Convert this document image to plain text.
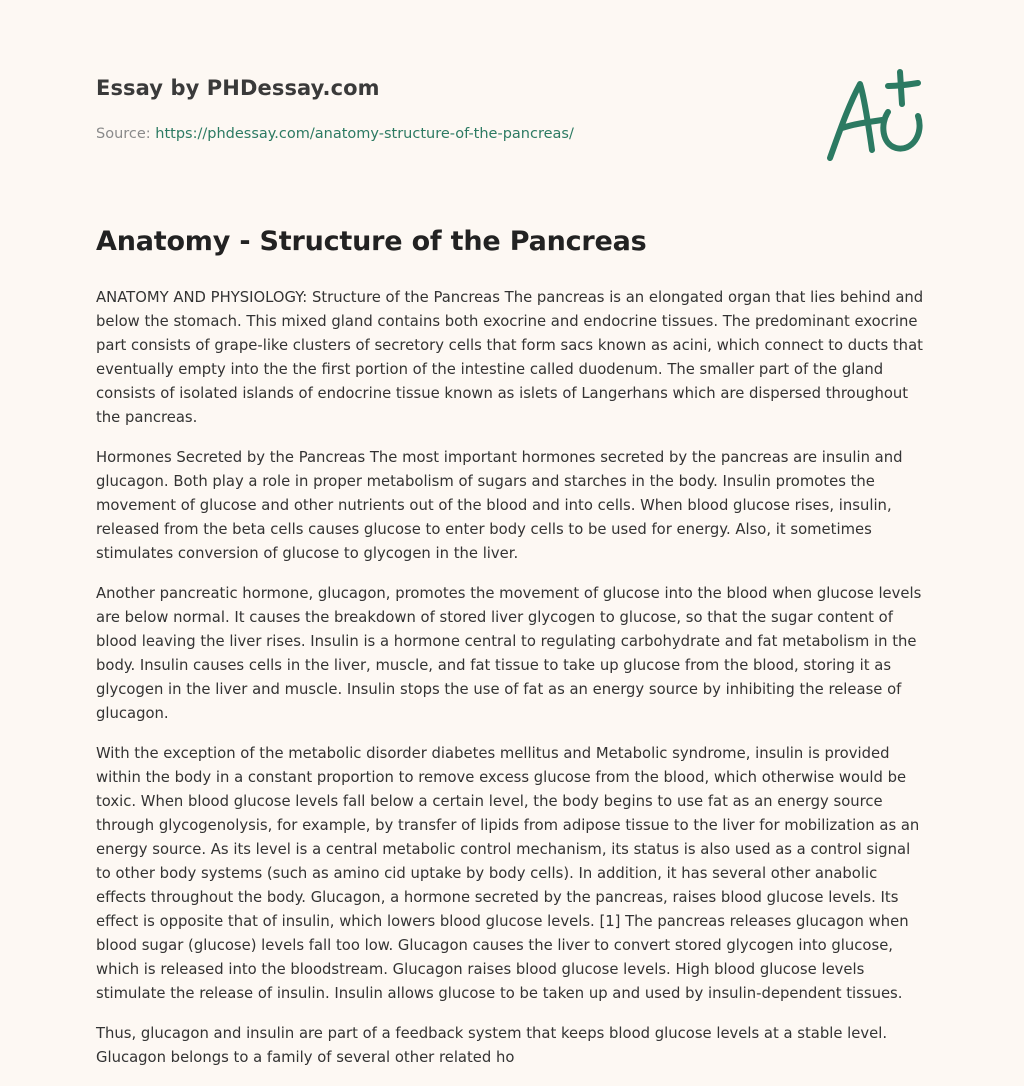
Essay by PHDessay.com
Source: https://phdessay.com/anatomy-structure-of-the-pancreas/
Anatomy - Structure of the Pancreas

ANATOMY AND PHYSIOLOGY: Structure of the Pancreas The pancreas is an elongated organ that lies behind and below the stomach. This mixed gland contains both exocrine and endocrine tissues. The predominant exocrine part consists of grape-like clusters of secretory cells that form sacs known as acini, which connect to ducts that eventually empty into the the first portion of the intestine called duodenum. The smaller part of the gland consists of isolated islands of endocrine tissue known as islets of Langerhans which are dispersed throughout the pancreas.

Hormones Secreted by the Pancreas The most important hormones secreted by the pancreas are insulin and glucagon. Both play a role in proper metabolism of sugars and starches in the body. Insulin promotes the movement of glucose and other nutrients out of the blood and into cells. When blood glucose rises, insulin, released from the beta cells causes glucose to enter body cells to be used for energy. Also, it sometimes stimulates conversion of glucose to glycogen in the liver.

Another pancreatic hormone, glucagon, promotes the movement of glucose into the blood when glucose levels are below normal. It causes the breakdown of stored liver glycogen to glucose, so that the sugar content of blood leaving the liver rises. Insulin is a hormone central to regulating carbohydrate and fat metabolism in the body. Insulin causes cells in the liver, muscle, and fat tissue to take up glucose from the blood, storing it as glycogen in the liver and muscle. Insulin stops the use of fat as an energy source by inhibiting the release of glucagon.

With the exception of the metabolic disorder diabetes mellitus and Metabolic syndrome, insulin is provided within the body in a constant proportion to remove excess glucose from the blood, which otherwise would be toxic. When blood glucose levels fall below a certain level, the body begins to use fat as an energy source through glycogenolysis, for example, by transfer of lipids from adipose tissue to the liver for mobilization as an energy source. As its level is a central metabolic control mechanism, its status is also used as a control signal to other body systems (such as amino cid uptake by body cells). In addition, it has several other anabolic effects throughout the body. Glucagon, a hormone secreted by the pancreas, raises blood glucose levels. Its effect is opposite that of insulin, which lowers blood glucose levels. [1] The pancreas releases glucagon when blood sugar (glucose) levels fall too low. Glucagon causes the liver to convert stored glycogen into glucose, which is released into the bloodstream. Glucagon raises blood glucose levels. High blood glucose levels stimulate the release of insulin. Insulin allows glucose to be taken up and used by insulin-dependent tissues.

Thus, glucagon and insulin are part of a feedback system that keeps blood glucose levels at a stable level. Glucagon belongs to a family of several other related ho
